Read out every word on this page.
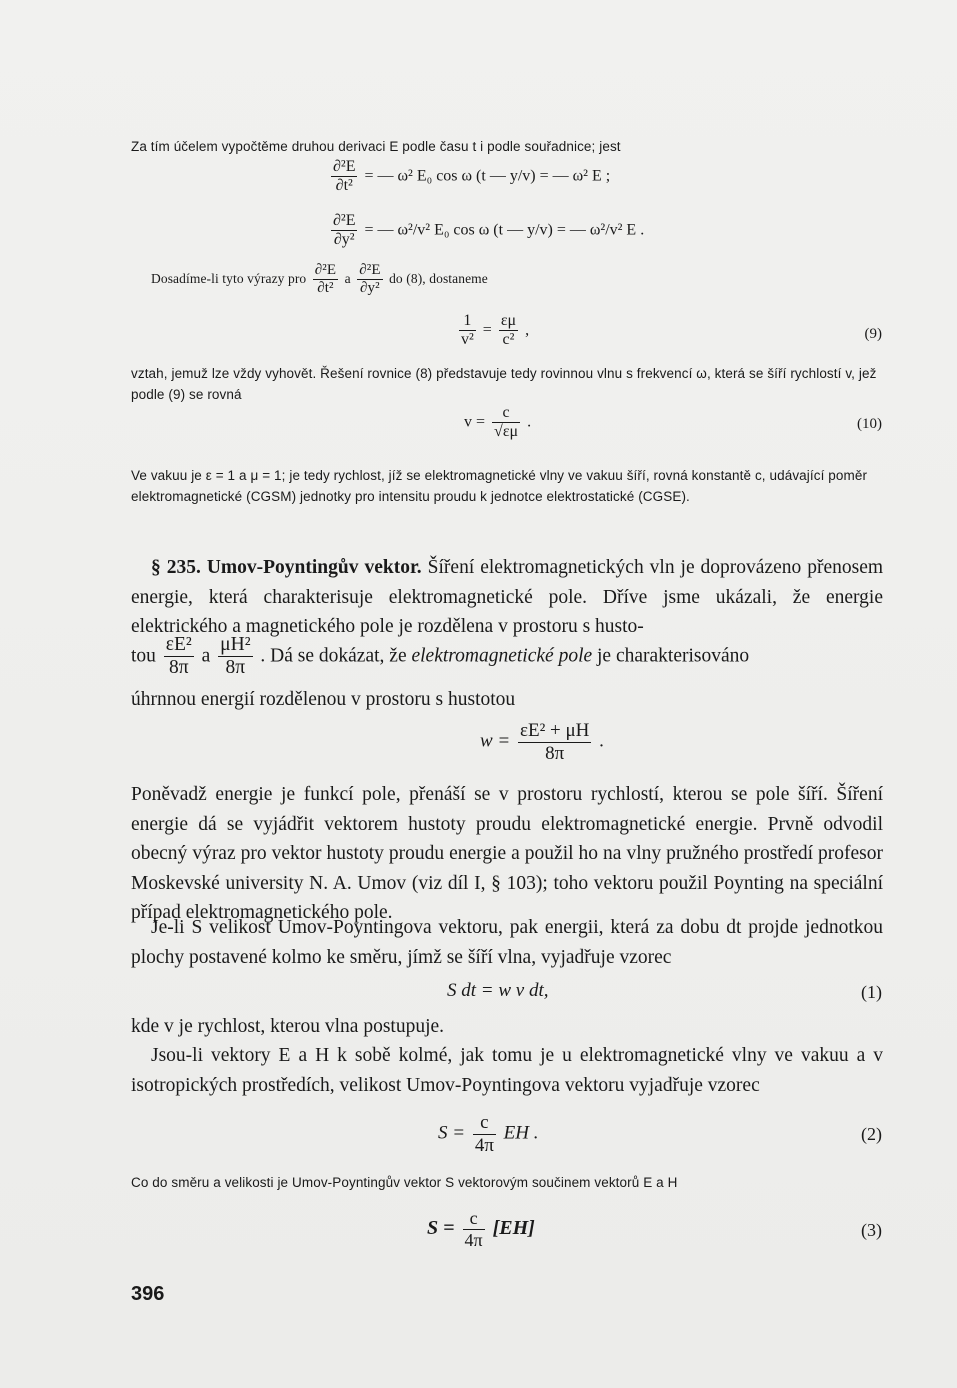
Za tím účelem vypočtěme druhou derivaci E podle času t i podle souřadnice; jest

$\frac{\text{∂²E}}{\text{∂t²}}$ = — ω² E₀ cos ω (t — y/v) = — ω² E ;
$\frac{\text{∂²E}}{\text{∂y²}}$ = — ω²/v² E₀ cos ω (t — y/v) = — ω²/v² E .
Dosadíme-li tyto výrazy pro $\frac{\text{∂²E}}{\text{∂t²}}$ a $\frac{\text{∂²E}}{\text{∂y²}}$ do (8), dostaneme
$\frac{1}{\text{v²}} = \frac{\varepsilon\mu}{\text{c²}}$ ,	(9)

vztah, jemuž lze vždy vyhovět. Řešení rovnice (8) představuje tedy rovinnou vlnu s frekvencí ω, která se šíří rychlostí v, jež podle (9) se rovná

$v = \frac{c}{√\varepsilon\mu}$ .	(10)

Ve vakuu je ε = 1 a μ = 1; je tedy rychlost, jíž se elektromagnetické vlny ve vakuu šíří, rovná konstantě c, udávající poměr elektromagnetické (CGSM) jednotky pro intensitu proudu k jednotce elektrostatické (CGSE).

§ 235. Umov-Poyntingův vektor. Šíření elektromagnetických vln je doprovázeno přenosem energie, která charakterisuje elektromagnetické pole. Dříve jsme ukázali, že energie elektrického a magnetického pole je rozdělena v prostoru s husto-

tou $\frac{\text{εE²}}{8\pi}$ a $\frac{\text{μH²}}{8\pi}$ . Dá se dokázat, že elektromagnetické pole je charakterisováno

úhrnnou energií rozdělenou v prostoru s hustotou

$w = \frac{\text{εE² + μH}}{8\pi}$ .

Poněvadž energie je funkcí pole, přenáší se v prostoru rychlostí, kterou se pole šíří. Šíření energie dá se vyjádřit vektorem hustoty proudu elektromagnetické energie. Prvně odvodil obecný výraz pro vektor hustoty proudu energie a použil ho na vlny pružného prostředí profesor Moskevské university N. A. Umov (viz díl I, § 103); toho vektoru použil Poynting na speciální případ elektromagnetického pole.

Je-li S velikost Umov-Poyntingova vektoru, pak energii, která za dobu dt projde jednotkou plochy postavené kolmo ke směru, jímž se šíří vlna, vyjadřuje vzorec

S dt = w v dt,	(1)

kde v je rychlost, kterou vlna postupuje.

Jsou-li vektory E a H k sobě kolmé, jak tomu je u elektromagnetické vlny ve vakuu a v isotropických prostředích, velikost Umov-Poyntingova vektoru vyjadřuje vzorec

$S = \frac{c}{4\pi}$ EH .	(2)

Co do směru a velikosti je Umov-Poyntingův vektor S vektorovým součinem vektorů E a H

$S = \frac{c}{4\pi} [EH]$	(3)
396
